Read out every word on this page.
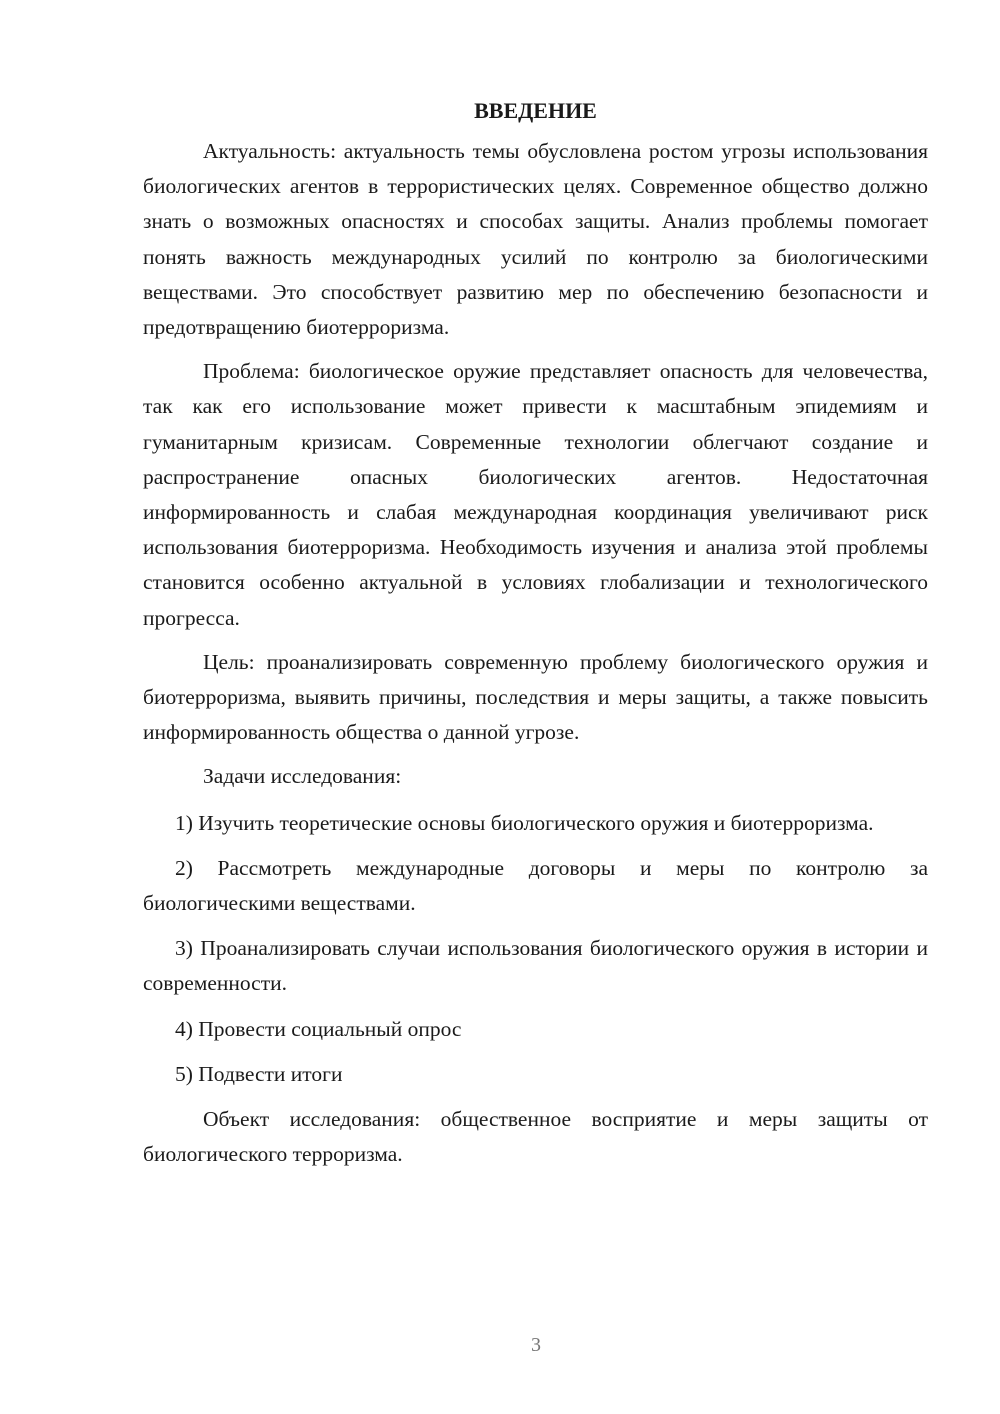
ВВЕДЕНИЕ

Актуальность: актуальность темы обусловлена ростом угрозы использования биологических агентов в террористических целях. Современное общество должно знать о возможных опасностях и способах защиты. Анализ проблемы помогает понять важность международных усилий по контролю за биологическими веществами. Это способствует развитию мер по обеспечению безопасности и предотвращению биотерроризма.

Проблема: биологическое оружие представляет опасность для человечества, так как его использование может привести к масштабным эпидемиям и гуманитарным кризисам. Современные технологии облегчают создание и распространение опасных биологических агентов. Недостаточная информированность и слабая международная координация увеличивают риск использования биотерроризма. Необходимость изучения и анализа этой проблемы становится особенно актуальной в условиях глобализации и технологического прогресса.

Цель: проанализировать современную проблему биологического оружия и биотерроризма, выявить причины, последствия и меры защиты, а также повысить информированность общества о данной угрозе.

Задачи исследования:

1) Изучить теоретические основы биологического оружия и биотерроризма.

2) Рассмотреть международные договоры и меры по контролю за биологическими веществами.

3) Проанализировать случаи использования биологического оружия в истории и современности.

4) Провести социальный опрос

5) Подвести итоги

Объект исследования: общественное восприятие и меры защиты от биологического терроризма.

3
